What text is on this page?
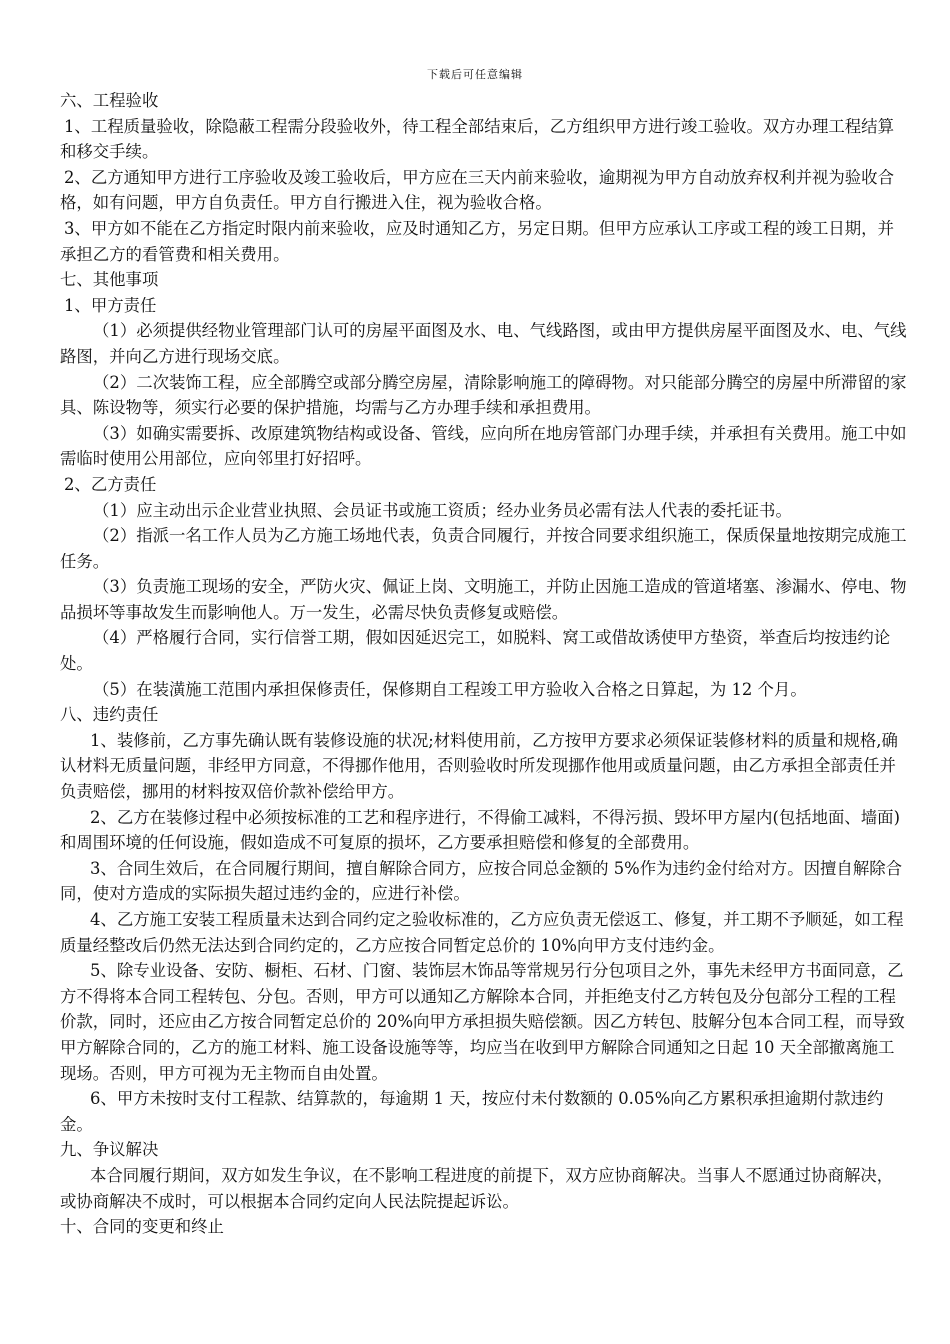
下载后可任意编辑

六、工程验收

1、工程质量验收，除隐蔽工程需分段验收外，待工程全部结束后，乙方组织甲方进行竣工验收。双方办理工程结算和移交手续。

2、乙方通知甲方进行工序验收及竣工验收后，甲方应在三天内前来验收，逾期视为甲方自动放弃权利并视为验收合格，如有问题，甲方自负责任。甲方自行搬进入住，视为验收合格。

3、甲方如不能在乙方指定时限内前来验收，应及时通知乙方，另定日期。但甲方应承认工序或工程的竣工日期，并承担乙方的看管费和相关费用。

七、其他事项

1、甲方责任

（1）必须提供经物业管理部门认可的房屋平面图及水、电、气线路图，或由甲方提供房屋平面图及水、电、气线路图，并向乙方进行现场交底。

（2）二次装饰工程，应全部腾空或部分腾空房屋，清除影响施工的障碍物。对只能部分腾空的房屋中所滞留的家具、陈设物等，须实行必要的保护措施，均需与乙方办理手续和承担费用。

（3）如确实需要拆、改原建筑物结构或设备、管线，应向所在地房管部门办理手续，并承担有关费用。施工中如需临时使用公用部位，应向邻里打好招呼。

2、乙方责任

（1）应主动出示企业营业执照、会员证书或施工资质；经办业务员必需有法人代表的委托证书。

（2）指派一名工作人员为乙方施工场地代表，负责合同履行，并按合同要求组织施工，保质保量地按期完成施工任务。

（3）负责施工现场的安全，严防火灾、佩证上岗、文明施工，并防止因施工造成的管道堵塞、渗漏水、停电、物品损坏等事故发生而影响他人。万一发生，必需尽快负责修复或赔偿。

（4）严格履行合同，实行信誉工期，假如因延迟完工，如脱料、窝工或借故诱使甲方垫资，举查后均按违约论处。

（5）在装潢施工范围内承担保修责任，保修期自工程竣工甲方验收入合格之日算起，为 12 个月。

八、违约责任

1、装修前，乙方事先确认既有装修设施的状况;材料使用前，乙方按甲方要求必须保证装修材料的质量和规格,确认材料无质量问题，非经甲方同意，不得挪作他用，否则验收时所发现挪作他用或质量问题，由乙方承担全部责任并负责赔偿，挪用的材料按双倍价款补偿给甲方。

2、乙方在装修过程中必须按标准的工艺和程序进行，不得偷工减料，不得污损、毁坏甲方屋内(包括地面、墙面)和周围环境的任何设施，假如造成不可复原的损坏，乙方要承担赔偿和修复的全部费用。

3、合同生效后，在合同履行期间，擅自解除合同方，应按合同总金额的 5%作为违约金付给对方。因擅自解除合同，使对方造成的实际损失超过违约金的，应进行补偿。

4、乙方施工安装工程质量未达到合同约定之验收标准的，乙方应负责无偿返工、修复，并工期不予顺延，如工程质量经整改后仍然无法达到合同约定的，乙方应按合同暂定总价的 10%向甲方支付违约金。

5、除专业设备、安防、橱柜、石材、门窗、装饰层木饰品等常规另行分包项目之外，事先未经甲方书面同意，乙方不得将本合同工程转包、分包。否则，甲方可以通知乙方解除本合同，并拒绝支付乙方转包及分包部分工程的工程价款，同时，还应由乙方按合同暂定总价的 20%向甲方承担损失赔偿额。因乙方转包、肢解分包本合同工程，而导致甲方解除合同的，乙方的施工材料、施工设备设施等等，均应当在收到甲方解除合同通知之日起 10 天全部撤离施工现场。否则，甲方可视为无主物而自由处置。

6、甲方未按时支付工程款、结算款的，每逾期 1 天，按应付未付数额的 0.05%向乙方累积承担逾期付款违约金。

九、争议解决

本合同履行期间，双方如发生争议，在不影响工程进度的前提下，双方应协商解决。当事人不愿通过协商解决，或协商解决不成时，可以根据本合同约定向人民法院提起诉讼。

十、合同的变更和终止
